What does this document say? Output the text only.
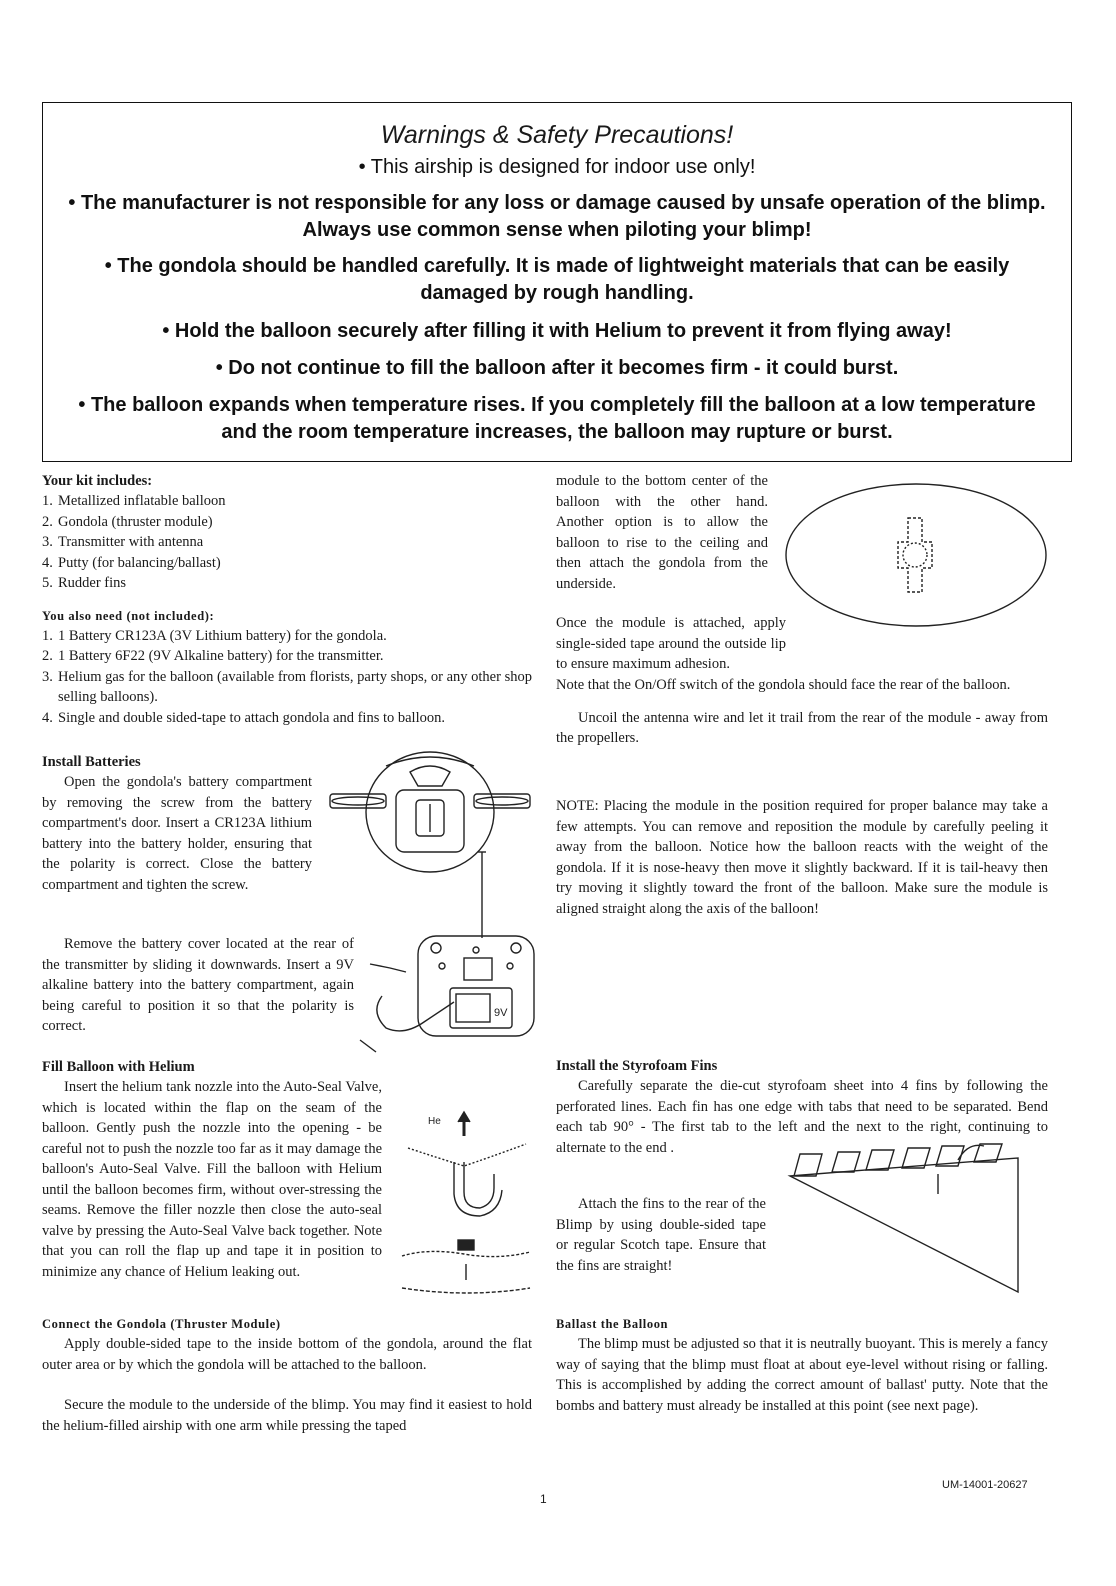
Warnings & Safety Precautions!
• This airship is designed for indoor use only!
• The manufacturer is not responsible for any loss or damage caused by unsafe operation of the blimp. Always use common sense when piloting your blimp!
• The gondola should be handled carefully. It is made of lightweight materials that can be easily damaged by rough handling.
• Hold the balloon securely after filling it with Helium to prevent it from flying away!
• Do not continue to fill the balloon after it becomes firm - it could burst.
• The balloon expands when temperature rises. If you completely fill the balloon at a low temperature and the room temperature increases, the balloon may rupture or burst.
Your kit includes:
1. Metallized inflatable balloon
2. Gondola (thruster module)
3. Transmitter with antenna
4. Putty (for balancing/ballast)
5. Rudder fins
You also need (not included):
1. 1 Battery CR123A (3V Lithium battery) for the gondola.
2. 1 Battery 6F22 (9V Alkaline battery) for the transmitter.
3. Helium gas for the balloon (available from florists, party shops, or any other shop selling balloons).
4. Single and double sided-tape to attach gondola and fins to balloon.
Install Batteries
Open the gondola's battery compartment by removing the screw from the battery compartment's door. Insert a CR123A lithium battery into the battery holder, ensuring that the polarity is correct. Close the battery compartment and tighten the screw.
Remove the battery cover located at the rear of the transmitter by sliding it downwards. Insert a 9V alkaline battery into the battery compartment, again being careful to position it so that the polarity is correct.
9V
Fill Balloon with Helium
Insert the helium tank nozzle into the Auto-Seal Valve, which is located within the flap on the seam of the balloon. Gently push the nozzle into the opening - be careful not to push the nozzle too far as it may damage the balloon's Auto-Seal Valve. Fill the balloon with Helium until the balloon becomes firm, without over-stressing the seams. Remove the filler nozzle then close the auto-seal valve by pressing the Auto-Seal Valve back together. Note that you can roll the flap up and tape it in position to minimize any chance of Helium leaking out.
He
Connect the Gondola (Thruster Module)
Apply double-sided tape to the inside bottom of the gondola, around the flat outer area or by which the gondola will be attached to the balloon.
Secure the module to the underside of the blimp. You may find it easiest to hold the helium-filled airship with one arm while pressing the taped
module to the bottom center of the balloon with the other hand. Another option is to allow the balloon to rise to the ceiling and then attach the gondola from the underside.
Once the module is attached, apply single-sided tape around the outside lip to ensure maximum adhesion.
Note that the On/Off switch of the gondola should face the rear of the balloon.
Uncoil the antenna wire and let it trail from the rear of the module - away from the propellers.
NOTE: Placing the module in the position required for proper balance may take a few attempts. You can remove and reposition the module by carefully peeling it away from the balloon. Notice how the balloon reacts with the weight of the gondola. If it is nose-heavy then move it slightly backward. If it is tail-heavy then try moving it slightly toward the front of the balloon. Make sure the module is aligned straight along the axis of the balloon!
Install the Styrofoam Fins
Carefully separate the die-cut styrofoam sheet into 4 fins by following the perforated lines. Each fin has one edge with tabs that need to be separated. Bend each tab 90° - The first tab to the left and the next to the right, continuing to alternate to the end .
Attach the fins to the rear of the Blimp by using double-sided tape or regular Scotch tape. Ensure that the fins are straight!
Ballast the Balloon
The blimp must be adjusted so that it is neutrally buoyant. This is merely a fancy way of saying that the blimp must float at about eye-level without rising or falling. This is accomplished by adding the correct amount of ballast' putty. Note that the bombs and battery must already be installed at this point (see next page).
UM-14001-20627
1
